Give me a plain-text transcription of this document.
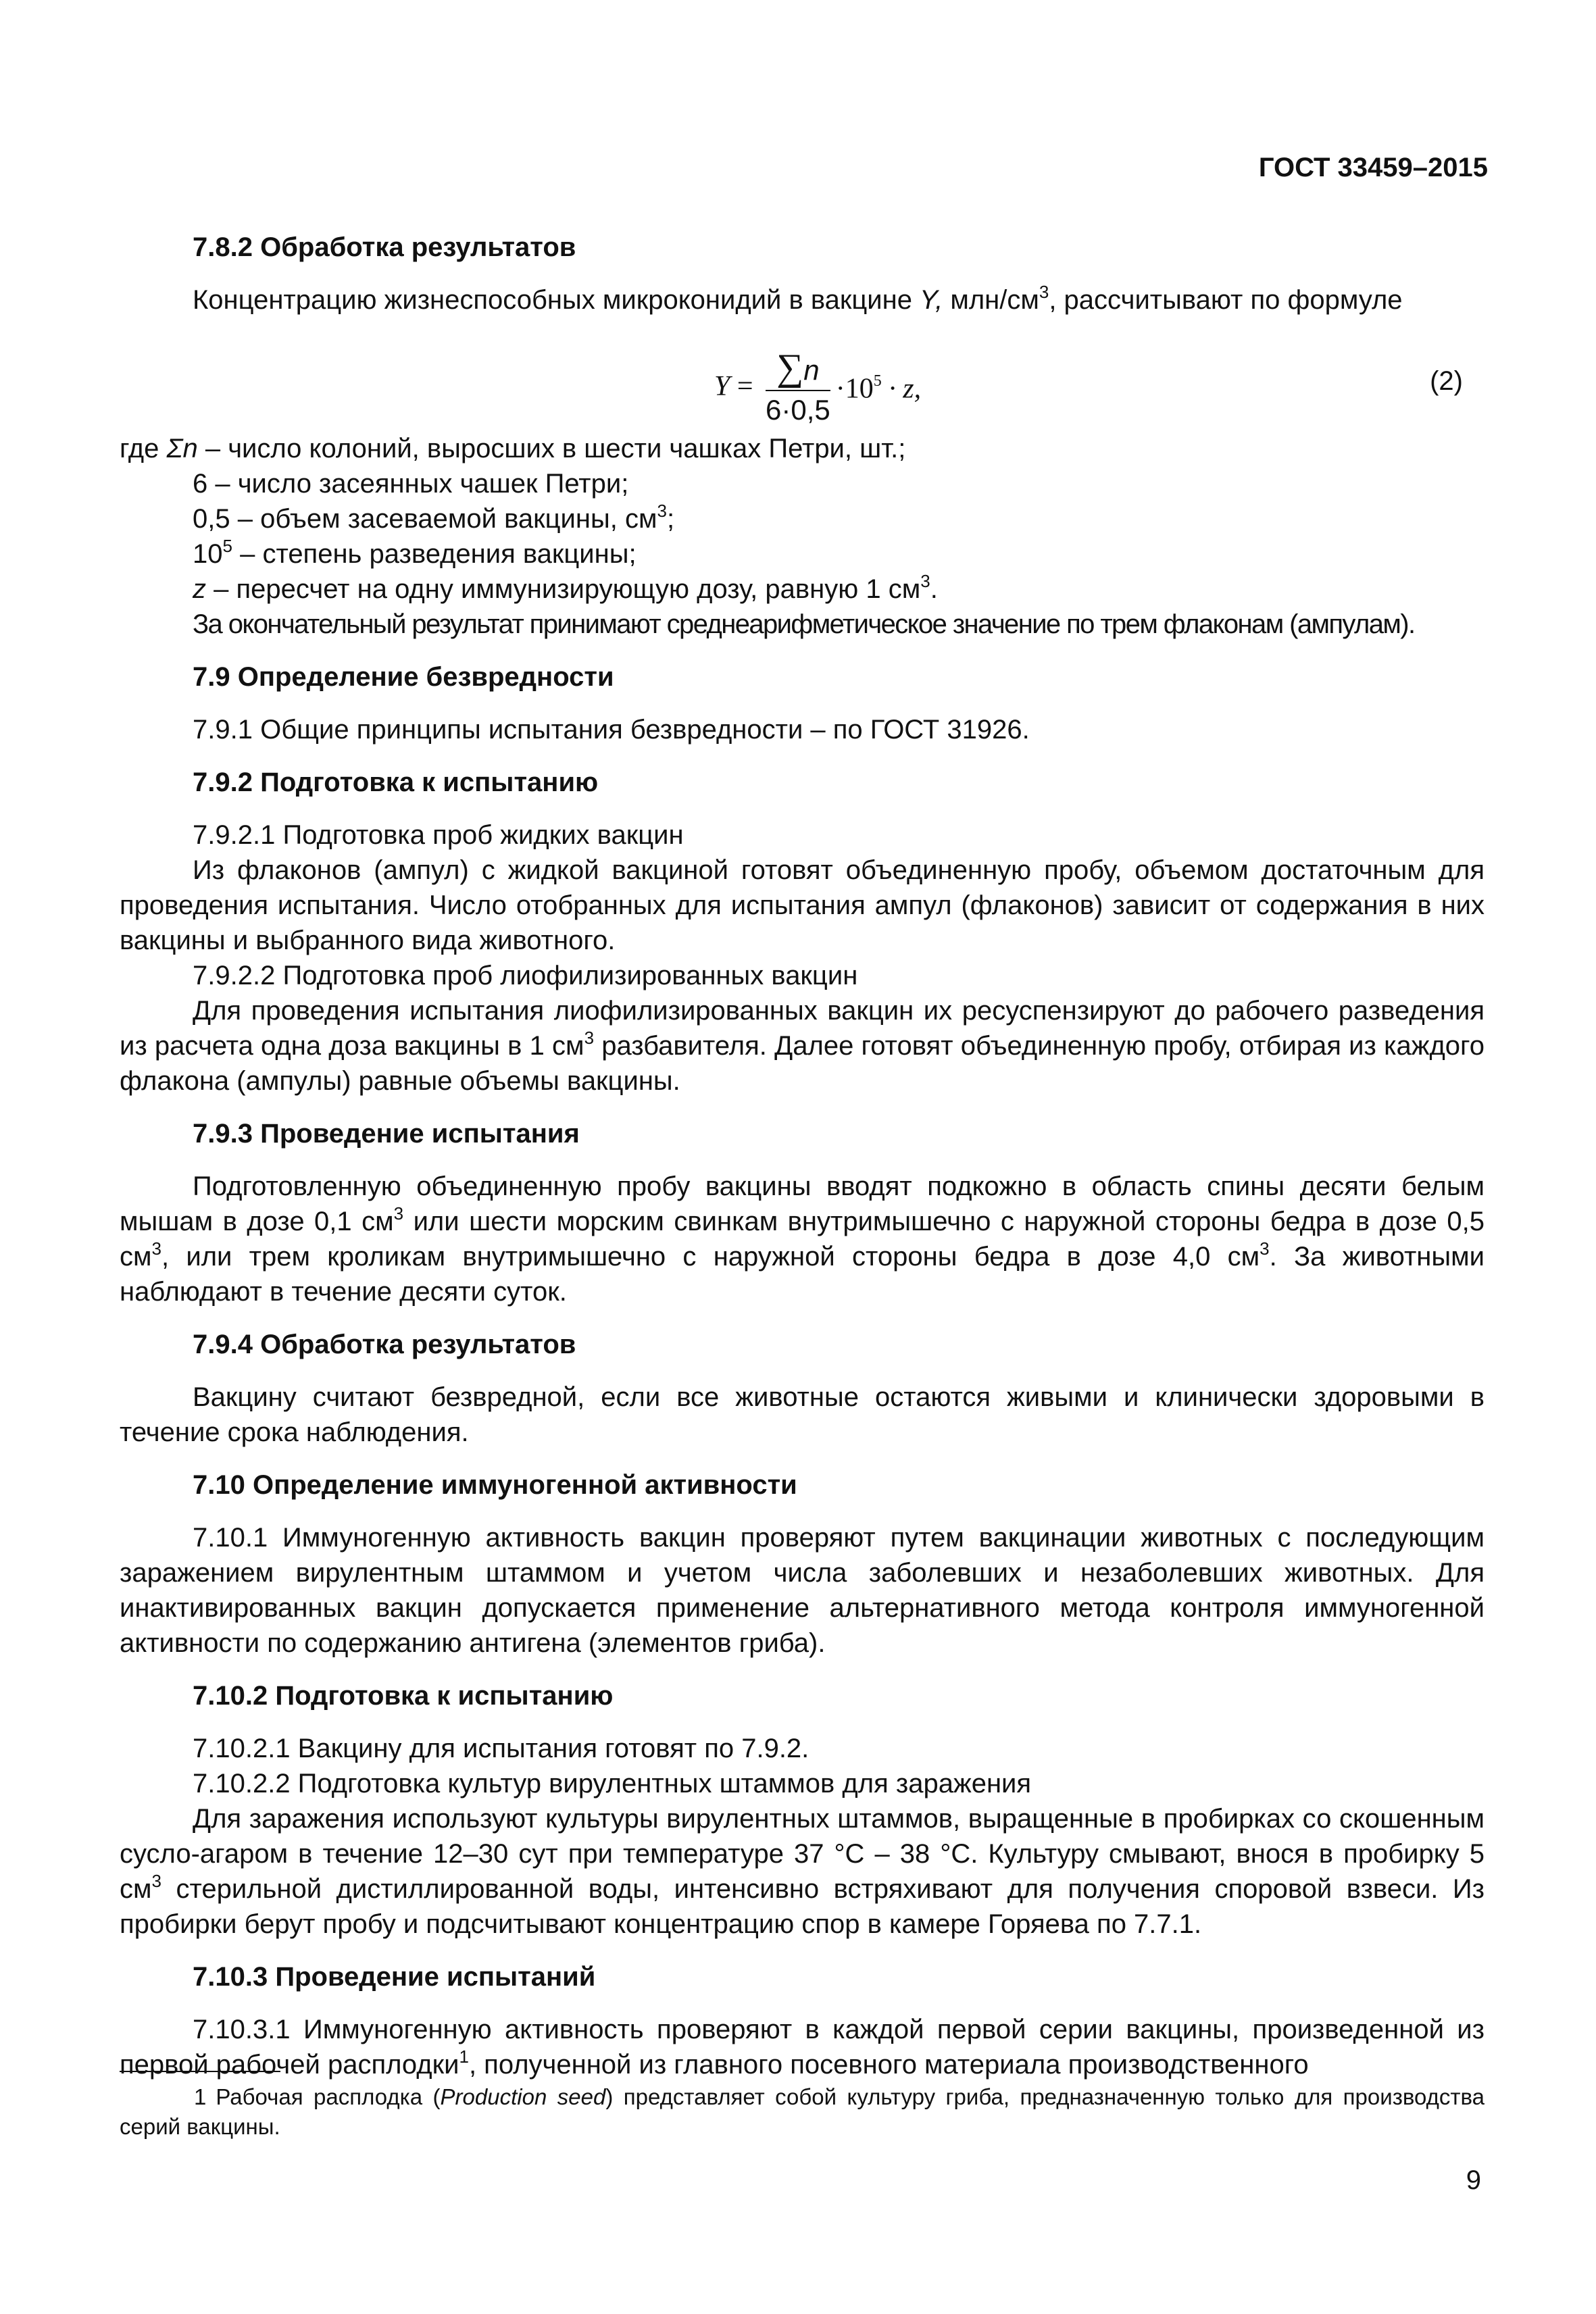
ГОСТ 33459–2015
7.8.2 Обработка результатов

Концентрацию жизнеспособных микроконидий в вакцине Y, млн/$см^3$, рассчитывают по формуле

$Y = \frac{\sum n}{6\cdot 0,5} \cdot 10^5 \cdot z$,	(2)

где Σn – число колоний, выросших в шести чашках Петри, шт.;

6 – число засеянных чашек Петри;

0,5 – объем засеваемой вакцины, $см^3$;

$10^5$ – степень разведения вакцины;

z – пересчет на одну иммунизирующую дозу, равную 1 $см^3$.

За окончательный результат принимают среднеарифметическое значение по трем флаконам (ампулам).

7.9 Определение безвредности

7.9.1 Общие принципы испытания безвредности – по ГОСТ 31926.

7.9.2 Подготовка к испытанию

7.9.2.1 Подготовка проб жидких вакцин

Из флаконов (ампул) с жидкой вакциной готовят объединенную пробу, объемом достаточным для проведения испытания. Число отобранных для испытания ампул (флаконов) зависит от содержания в них вакцины и выбранного вида животного.

7.9.2.2 Подготовка проб лиофилизированных вакцин

Для проведения испытания лиофилизированных вакцин их ресуспензируют до рабочего разведения из расчета одна доза вакцины в 1 $см^3$ разбавителя. Далее готовят объединенную пробу, отбирая из каждого флакона (ампулы) равные объемы вакцины.

7.9.3 Проведение испытания

Подготовленную объединенную пробу вакцины вводят подкожно в область спины десяти белым мышам в дозе 0,1 $см^3$ или шести морским свинкам внутримышечно с наружной стороны бедра в дозе 0,5 $см^3$, или трем кроликам внутримышечно с наружной стороны бедра в дозе 4,0 $см^3$. За животными наблюдают в течение десяти суток.

7.9.4 Обработка результатов

Вакцину считают безвредной, если все животные остаются живыми и клинически здоровыми в течение срока наблюдения.

7.10 Определение иммуногенной активности

7.10.1 Иммуногенную активность вакцин проверяют путем вакцинации животных с последующим заражением вирулентным штаммом и учетом числа заболевших и незаболевших животных. Для инактивированных вакцин допускается применение альтернативного метода контроля иммуногенной активности по содержанию антигена (элементов гриба).

7.10.2 Подготовка к испытанию

7.10.2.1 Вакцину для испытания готовят по 7.9.2.

7.10.2.2 Подготовка культур вирулентных штаммов для заражения

Для заражения используют культуры вирулентных штаммов, выращенные в пробирках со скошенным сусло-агаром в течение 12–30 сут при температуре 37 °С – 38 °С. Культуру смывают, внося в пробирку 5 $см^3$ стерильной дистиллированной воды, интенсивно встряхивают для получения споровой взвеси. Из пробирки берут пробу и подсчитывают концентрацию спор в камере Горяева по 7.7.1.

7.10.3 Проведение испытаний

7.10.3.1 Иммуногенную активность проверяют в каждой первой серии вакцины, произведенной из первой рабочей расплодки$^1$, полученной из главного посевного материала производственного

1 Рабочая расплодка (Production seed) представляет собой культуру гриба, предназначенную только для производства серий вакцины.
9
